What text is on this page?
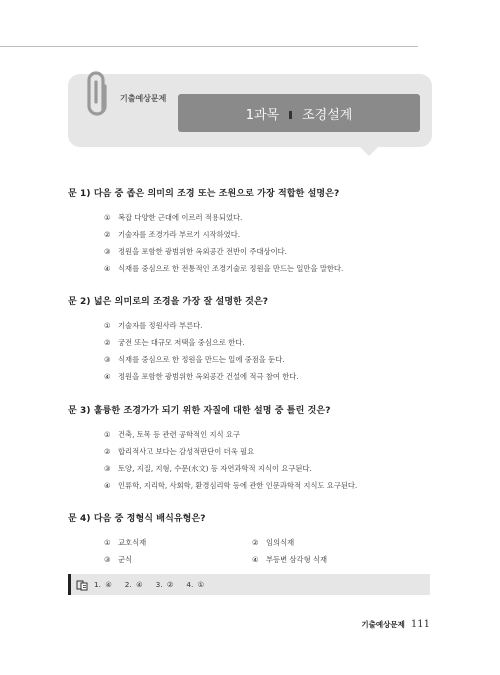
기출예상문제
1과목 조경설계
문 1) 다음 중 좁은 의미의 조경 또는 조원으로 가장 적합한 설명은?
① 복잡 다양한 근대에 이르러 적용되었다.
② 기술자를 조경가라 부르기 시작하였다.
③ 정원을 포함한 광범위한 옥외공간 전반이 주대상이다.
④ 식재를 중심으로 한 전통적인 조경기술로 정원을 만드는 일만을 말한다.
문 2) 넓은 의미로의 조경을 가장 잘 설명한 것은?
① 기술자를 정원사라 부른다.
② 궁전 또는 대규모 저택을 중심으로 한다.
③ 식재를 중심으로 한 정원을 만드는 일에 중점을 둔다.
④ 정원을 포함한 광범위한 옥외공간 건설에 적극 참여 한다.
문 3) 훌륭한 조경가가 되기 위한 자질에 대한 설명 중 틀린 것은?
① 건축, 토목 등 관련 공학적인 지식 요구
② 합리적사고 보다는 감성적판단이 더욱 필요
③ 토양, 지질, 지형, 수문(水文) 등 자연과학적 지식이 요구된다.
④ 인류학, 지리학, 사회학, 환경심리학 등에 관한 인문과학적 지식도 요구된다.
문 4) 다음 중 정형식 배식유형은?
① 교호식재	② 임의식재
③ 군식	④ 부등변 삼각형 식재
1. ④   2. ④   3. ②   4. ①
기출예상문제 111
